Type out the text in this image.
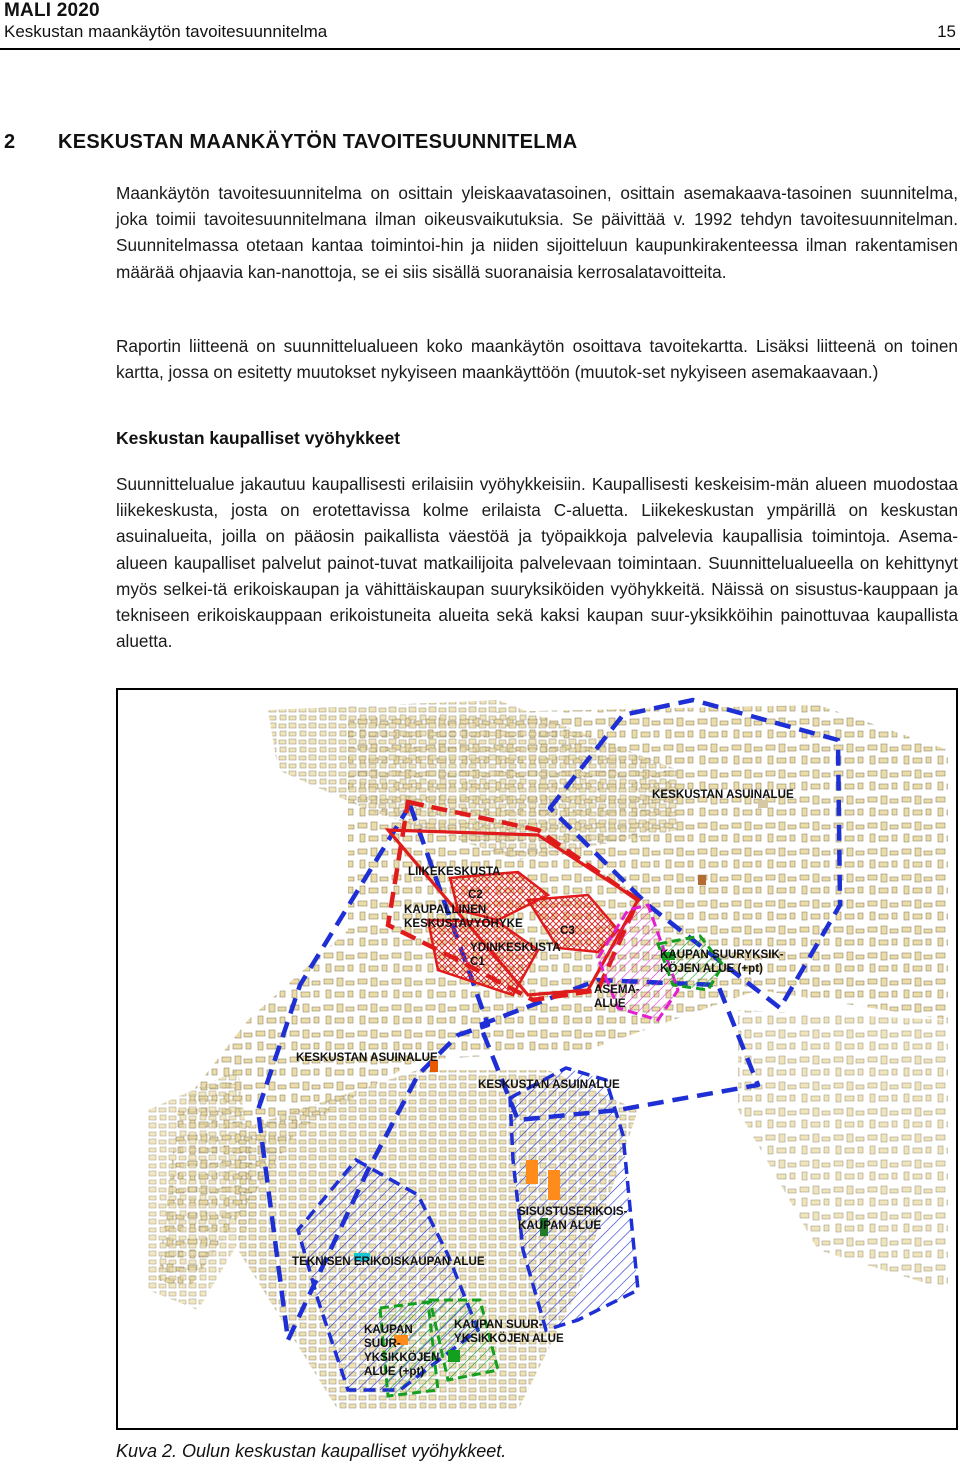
MALI 2020
Keskustan maankäytön tavoitesuunnitelma	15
2 KESKUSTAN MAANKÄYTÖN TAVOITESUUNNITELMA
Maankäytön tavoitesuunnitelma on osittain yleiskaavatasoinen, osittain asemakaava-tasoinen suunnitelma, joka toimii tavoitesuunnitelmana ilman oikeusvaikutuksia. Se päivittää v. 1992 tehdyn tavoitesuunnitelman. Suunnitelmassa otetaan kantaa toimintoi-hin ja niiden sijoitteluun kaupunkirakenteessa ilman rakentamisen määrää ohjaavia kan-nanottoja, se ei siis sisällä suoranaisia kerrosalatavoitteita.
Raportin liitteenä on suunnittelualueen koko maankäytön osoittava tavoitekartta. Lisäksi liitteenä on toinen kartta, jossa on esitetty muutokset nykyiseen maankäyttöön (muutok-set nykyiseen asemakaavaan.)
Keskustan kaupalliset vyöhykkeet
Suunnittelualue jakautuu kaupallisesti erilaisiin vyöhykkeisiin. Kaupallisesti keskeisim-män alueen muodostaa liikekeskusta, josta on erotettavissa kolme erilaista C-aluetta. Liikekeskustan ympärillä on keskustan asuinalueita, joilla on pääosin paikallista väestöä ja työpaikkoja palvelevia kaupallisia toimintoja. Asema-alueen kaupalliset palvelut painot-tuvat matkailijoita palvelevaan toimintaan. Suunnittelualueella on kehittynyt myös selkei-tä erikoiskaupan ja vähittäiskaupan suuryksiköiden vyöhykkeitä. Näissä on sisustus-kauppaan ja tekniseen erikoiskauppaan erikoistuneita alueita sekä kaksi kaupan suur-yksikköihin painottuvaa kaupallista aluetta.
KESKUSTAN ASUINALUE
LIIKEKESKUSTA
C2
KAUPALLINEN
KESKUSTAVYÖHYKE
C3
YDINKESKUSTA
C1
ASEMA-
ALUE
KAUPAN SUURYKSIK-
KÖJEN ALUE (+pt)
KESKUSTAN ASUINALUE
KESKUSTAN ASUINALUE
SISUSTUSERIKOIS-
KAUPAN ALUE
TEKNISEN ERIKOISKAUPAN ALUE
KAUPAN
SUUR-
YKSIKKÖJEN
ALUE (+pt)
KAUPAN SUUR-
YKSIKKÖJEN ALUE
Kuva 2. Oulun keskustan kaupalliset vyöhykkeet.
